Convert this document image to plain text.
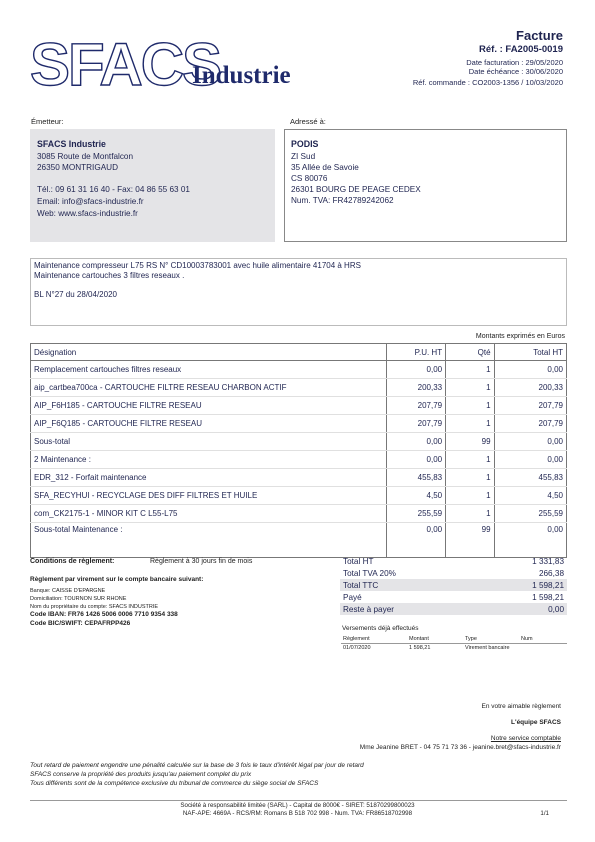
SFACS
Industrie
Facture
Réf. : FA2005-0019
Date facturation : 29/05/2020
Date échéance : 30/06/2020
Réf. commande : CO2003-1356 / 10/03/2020
Émetteur:
SFACS Industrie
3085 Route de Montfalcon
26350 MONTRIGAUD
Tél.: 09 61 31 16 40 - Fax: 04 86 55 63 01
Email: info@sfacs-industrie.fr
Web: www.sfacs-industrie.fr
Adressé à:
PODIS
ZI Sud
35 Allée de Savoie
CS 80076
26301 BOURG DE PEAGE CEDEX
Num. TVA: FR42789242062
Maintenance compresseur L75 RS N° CD10003783001 avec huile alimentaire 41704 à HRS
Maintenance cartouches 3 filtres reseaux .
BL N°27 du 28/04/2020
Montants exprimés en Euros
Désignation	P.U. HT	Qté	Total HT
Remplacement cartouches filtres reseaux	0,00	1	0,00
aip_cartbea700ca - CARTOUCHE FILTRE RESEAU CHARBON ACTIF	200,33	1	200,33
AIP_F6H185 - CARTOUCHE FILTRE RESEAU	207,79	1	207,79
AIP_F6Q185 - CARTOUCHE FILTRE RESEAU	207,79	1	207,79
Sous-total	0,00	99	0,00
2 Maintenance :	0,00	1	0,00
EDR_312 - Forfait maintenance	455,83	1	455,83
SFA_RECYHUI - RECYCLAGE DES DIFF FILTRES ET HUILE	4,50	1	4,50
com_CK2175-1 - MINOR KIT C L55-L75	255,59	1	255,59
Sous-total Maintenance :	0,00	99	0,00
Conditions de règlement:	Règlement à 30 jours fin de mois
Règlement par virement sur le compte bancaire suivant:
Banque: CAISSE D'EPARGNE
Domiciliation: TOURNON SUR RHONE
Nom du propriétaire du compte: SFACS INDUSTRIE
Code IBAN: FR76 1426 5006 0006 7710 9354 338
Code BIC/SWIFT: CEPAFRPP426
Total HT	1 331,83
Total TVA 20%	266,38
Total TTC	1 598,21
Payé	1 598,21
Reste à payer	0,00
Versements déjà effectués
Règlement	Montant	Type	Num
01/07/2020	1 598,21	Virement bancaire	
En votre aimable règlement
L'équipe SFACS
Notre service comptable
Mme Jeanine BRET - 04 75 71 73 36 - jeanine.bret@sfacs-industrie.fr
Tout retard de paiement engendre une pénalité calculée sur la base de 3 fois le taux d'intérêt légal par jour de retard
SFACS conserve la propriété des produits jusqu'au paiement complet du prix
Tous différents sont de la compétence exclusive du tribunal de commerce du siège social de SFACS
Société à responsabilité limitée (SARL) - Capital de 8000€ - SIRET: 51870299800023
NAF-APE: 4669A - RCS/RM: Romans B 518 702 998 - Num. TVA: FR86518702998	1/1
